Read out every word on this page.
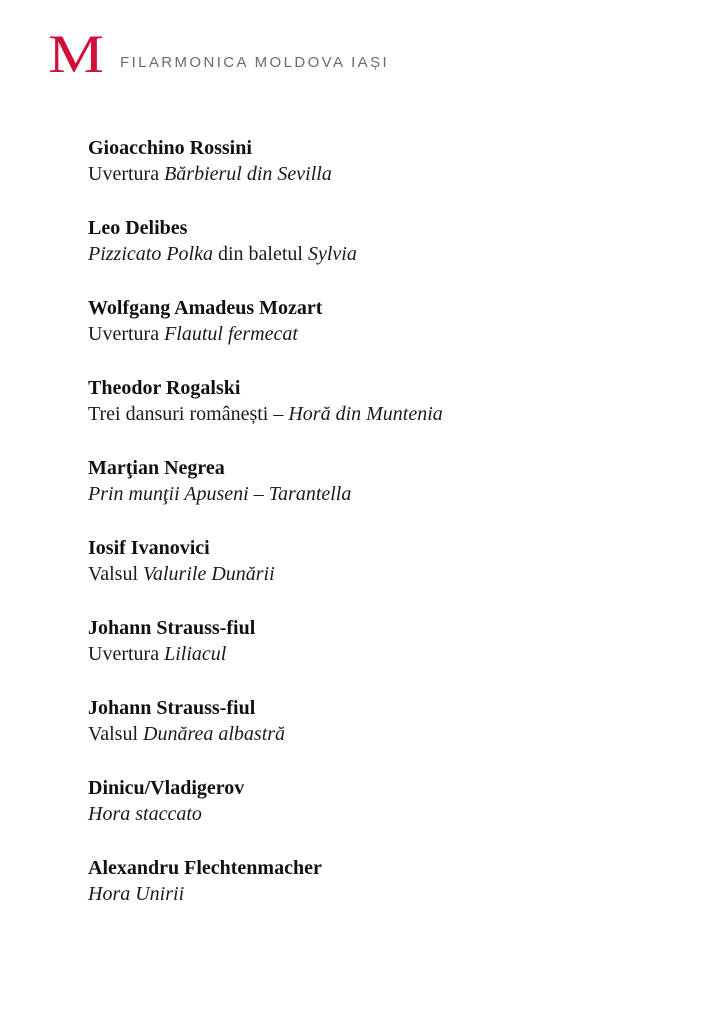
M FILARMONICA MOLDOVA IAȘI
Gioacchino Rossini
Uvertura Bărbierul din Sevilla
Leo Delibes
Pizzicato Polka din baletul Sylvia
Wolfgang Amadeus Mozart
Uvertura Flautul fermecat
Theodor Rogalski
Trei dansuri românești – Horă din Muntenia
Marţian Negrea
Prin munţii Apuseni – Tarantella
Iosif Ivanovici
Valsul Valurile Dunării
Johann Strauss-fiul
Uvertura Liliacul
Johann Strauss-fiul
Valsul Dunărea albastră
Dinicu/Vladigerov
Hora staccato
Alexandru Flechtenmacher
Hora Unirii
